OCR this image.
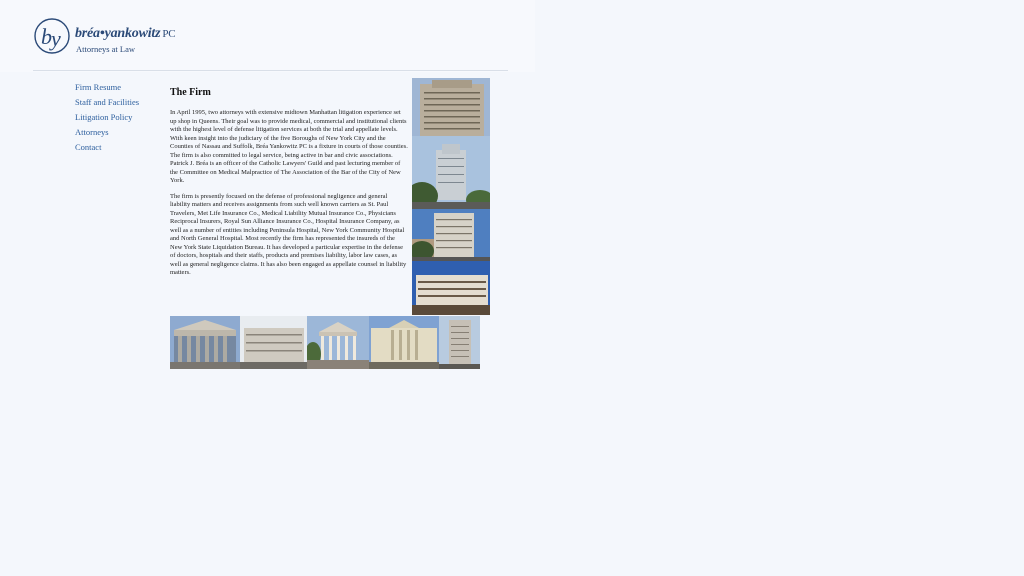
b y bréa•yankowitz PC
Attorneys at Law
Firm Resume
Staff and Facilities
Litigation Policy
Attorneys
Contact
The Firm

In April 1995, two attorneys with extensive midtown Manhattan litigation experience set up shop in Queens. Their goal was to provide medical, commercial and institutional clients with the highest level of defense litigation services at both the trial and appellate levels. With keen insight into the judiciary of the five Boroughs of New York City and the Counties of Nassau and Suffolk, Bréa Yankowitz PC is a fixture in courts of those counties. The firm is also committed to legal service, being active in bar and civic associations. Patrick J. Bréa is an officer of the Catholic Lawyers' Guild and past lecturing member of the Committee on Medical Malpractice of The Association of the Bar of the City of New York.

The firm is presently focused on the defense of professional negligence and general liability matters and receives assignments from such well known carriers as St. Paul Travelers, Met Life Insurance Co., Medical Liability Mutual Insurance Co., Physicians Reciprocal Insurers, Royal Sun Alliance Insurance Co., Hospital Insurance Company, as well as a number of entities including Peninsula Hospital, New York Community Hospital and North General Hospital. Most recently the firm has represented the insureds of the New York State Liquidation Bureau. It has developed a particular expertise in the defense of doctors, hospitals and their staffs, products and premises liability, labor law cases, as well as general negligence claims. It has also been engaged as appellate counsel in liability matters.
